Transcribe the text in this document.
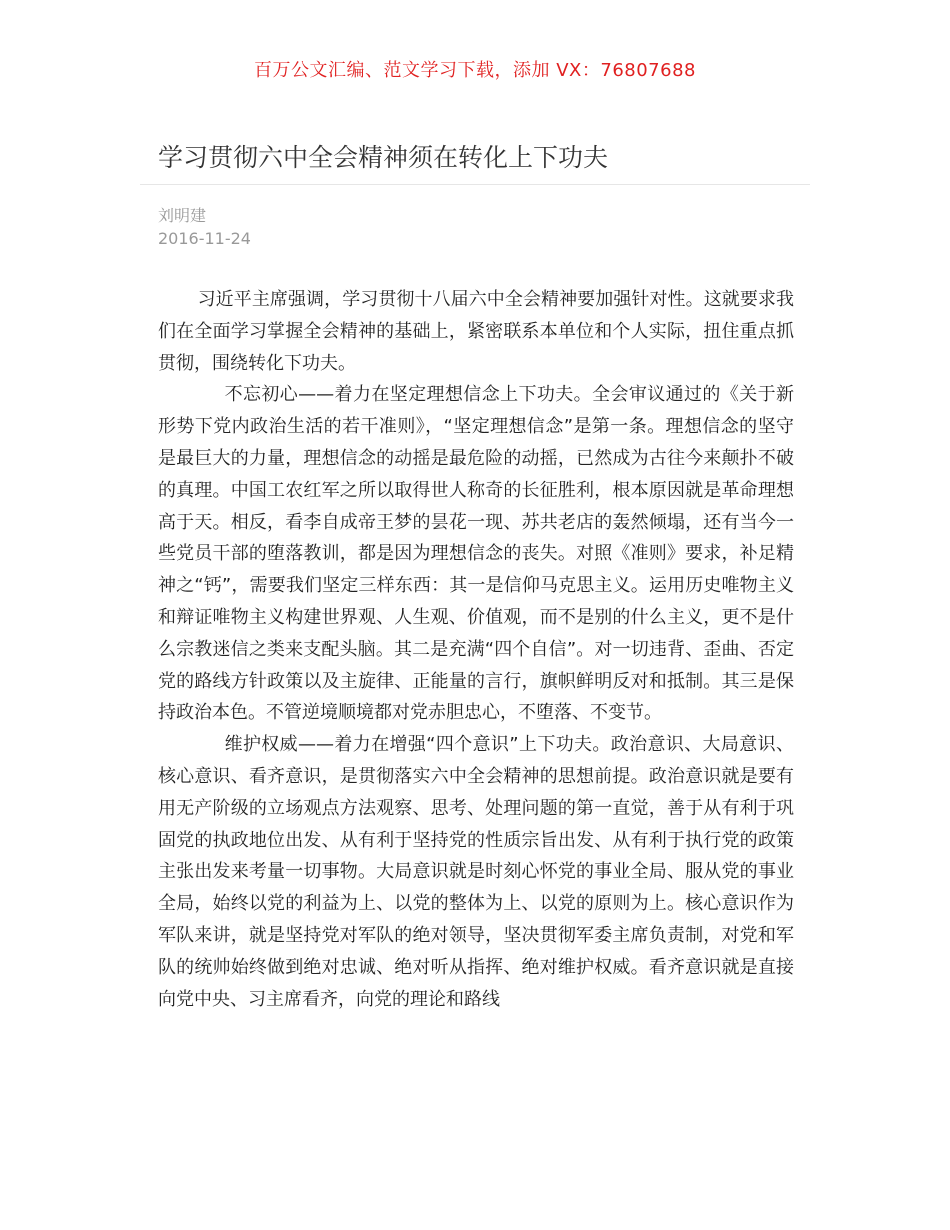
百万公文汇编、范文学习下载，添加 VX：76807688
学习贯彻六中全会精神须在转化上下功夫
刘明建
2016-11-24

习近平主席强调，学习贯彻十八届六中全会精神要加强针对性。这就要求我们在全面学习掌握全会精神的基础上，紧密联系本单位和个人实际，扭住重点抓贯彻，围绕转化下功夫。

不忘初心——着力在坚定理想信念上下功夫。全会审议通过的《关于新形势下党内政治生活的若干准则》，“坚定理想信念”是第一条。理想信念的坚守是最巨大的力量，理想信念的动摇是最危险的动摇，已然成为古往今来颠扑不破的真理。中国工农红军之所以取得世人称奇的长征胜利，根本原因就是革命理想高于天。相反，看李自成帝王梦的昙花一现、苏共老店的轰然倾塌，还有当今一些党员干部的堕落教训，都是因为理想信念的丧失。对照《准则》要求，补足精神之“钙”，需要我们坚定三样东西：其一是信仰马克思主义。运用历史唯物主义和辩证唯物主义构建世界观、人生观、价值观，而不是别的什么主义，更不是什么宗教迷信之类来支配头脑。其二是充满“四个自信”。对一切违背、歪曲、否定党的路线方针政策以及主旋律、正能量的言行，旗帜鲜明反对和抵制。其三是保持政治本色。不管逆境顺境都对党赤胆忠心，不堕落、不变节。

维护权威——着力在增强“四个意识”上下功夫。政治意识、大局意识、核心意识、看齐意识，是贯彻落实六中全会精神的思想前提。政治意识就是要有用无产阶级的立场观点方法观察、思考、处理问题的第一直觉，善于从有利于巩固党的执政地位出发、从有利于坚持党的性质宗旨出发、从有利于执行党的政策主张出发来考量一切事物。大局意识就是时刻心怀党的事业全局、服从党的事业全局，始终以党的利益为上、以党的整体为上、以党的原则为上。核心意识作为军队来讲，就是坚持党对军队的绝对领导，坚决贯彻军委主席负责制，对党和军队的统帅始终做到绝对忠诚、绝对听从指挥、绝对维护权威。看齐意识就是直接向党中央、习主席看齐，向党的理论和路线
